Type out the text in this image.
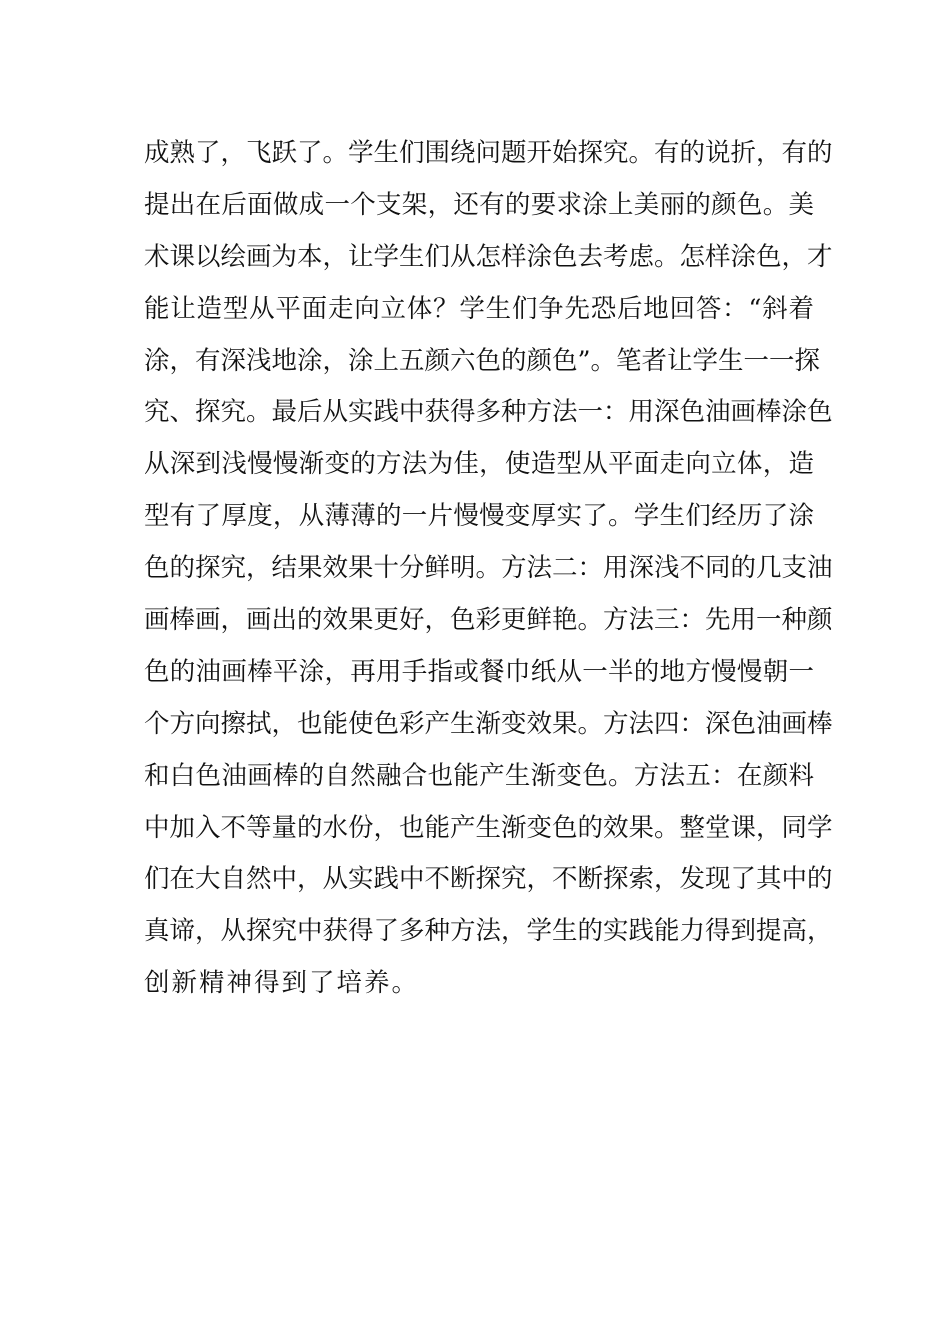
成熟了，飞跃了。学生们围绕问题开始探究。有的说折，有的
提出在后面做成一个支架，还有的要求涂上美丽的颜色。美
术课以绘画为本，让学生们从怎样涂色去考虑。怎样涂色，才
能让造型从平面走向立体？学生们争先恐后地回答：“斜着
涂，有深浅地涂，涂上五颜六色的颜色”。笔者让学生一一探
究、探究。最后从实践中获得多种方法一：用深色油画棒涂色
从深到浅慢慢渐变的方法为佳，使造型从平面走向立体，造
型有了厚度，从薄薄的一片慢慢变厚实了。学生们经历了涂
色的探究，结果效果十分鲜明。方法二：用深浅不同的几支油
画棒画，画出的效果更好，色彩更鲜艳。方法三：先用一种颜
色的油画棒平涂，再用手指或餐巾纸从一半的地方慢慢朝一
个方向擦拭，也能使色彩产生渐变效果。方法四：深色油画棒
和白色油画棒的自然融合也能产生渐变色。方法五：在颜料
中加入不等量的水份，也能产生渐变色的效果。整堂课，同学
们在大自然中，从实践中不断探究，不断探索，发现了其中的
真谛，从探究中获得了多种方法，学生的实践能力得到提高，
创新精神得到了培养。
